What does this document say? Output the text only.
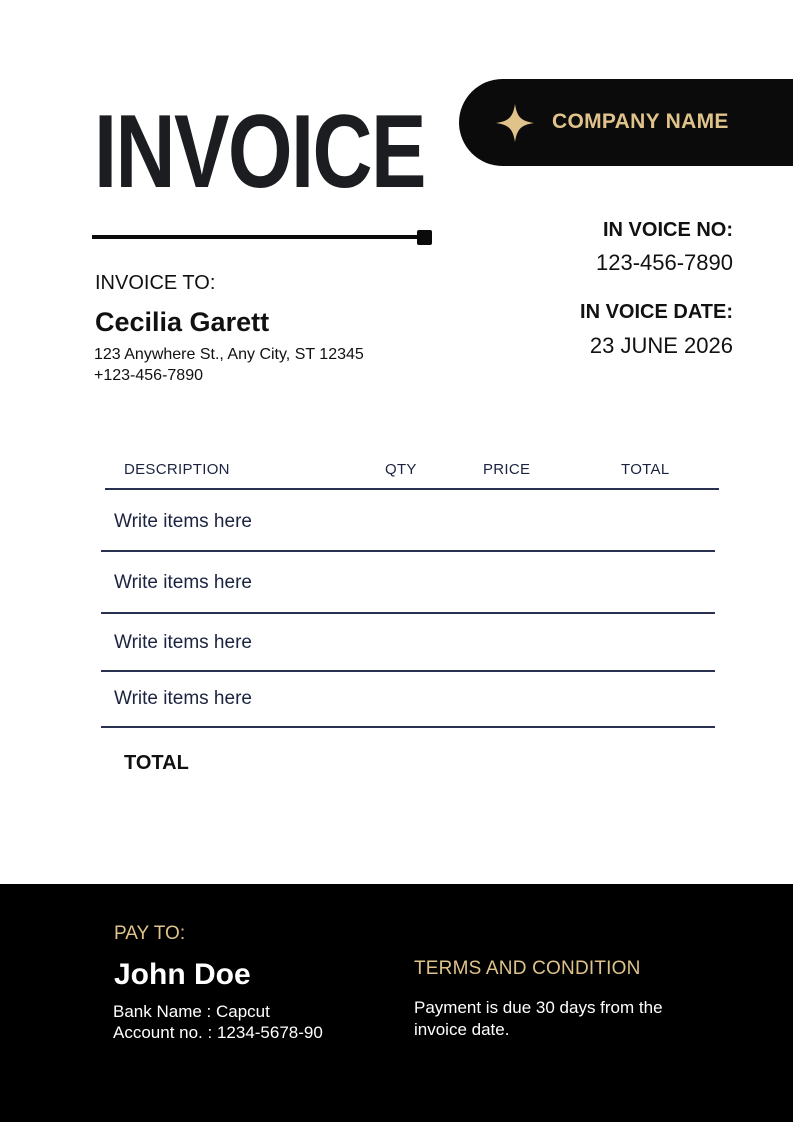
COMPANY NAME
INVOICE
INVOICE TO:
Cecilia Garett
123 Anywhere St., Any City, ST 12345
+123-456-7890
IN VOICE NO:
123-456-7890
IN VOICE DATE:
23 JUNE 2026
DESCRIPTION	QTY	PRICE	TOTAL
Write items here
Write items here
Write items here
Write items here
TOTAL
PAY TO:
John Doe
Bank Name : Capcut
Account no. : 1234-5678-90
TERMS AND CONDITION
Payment is due 30 days from the invoice date.
